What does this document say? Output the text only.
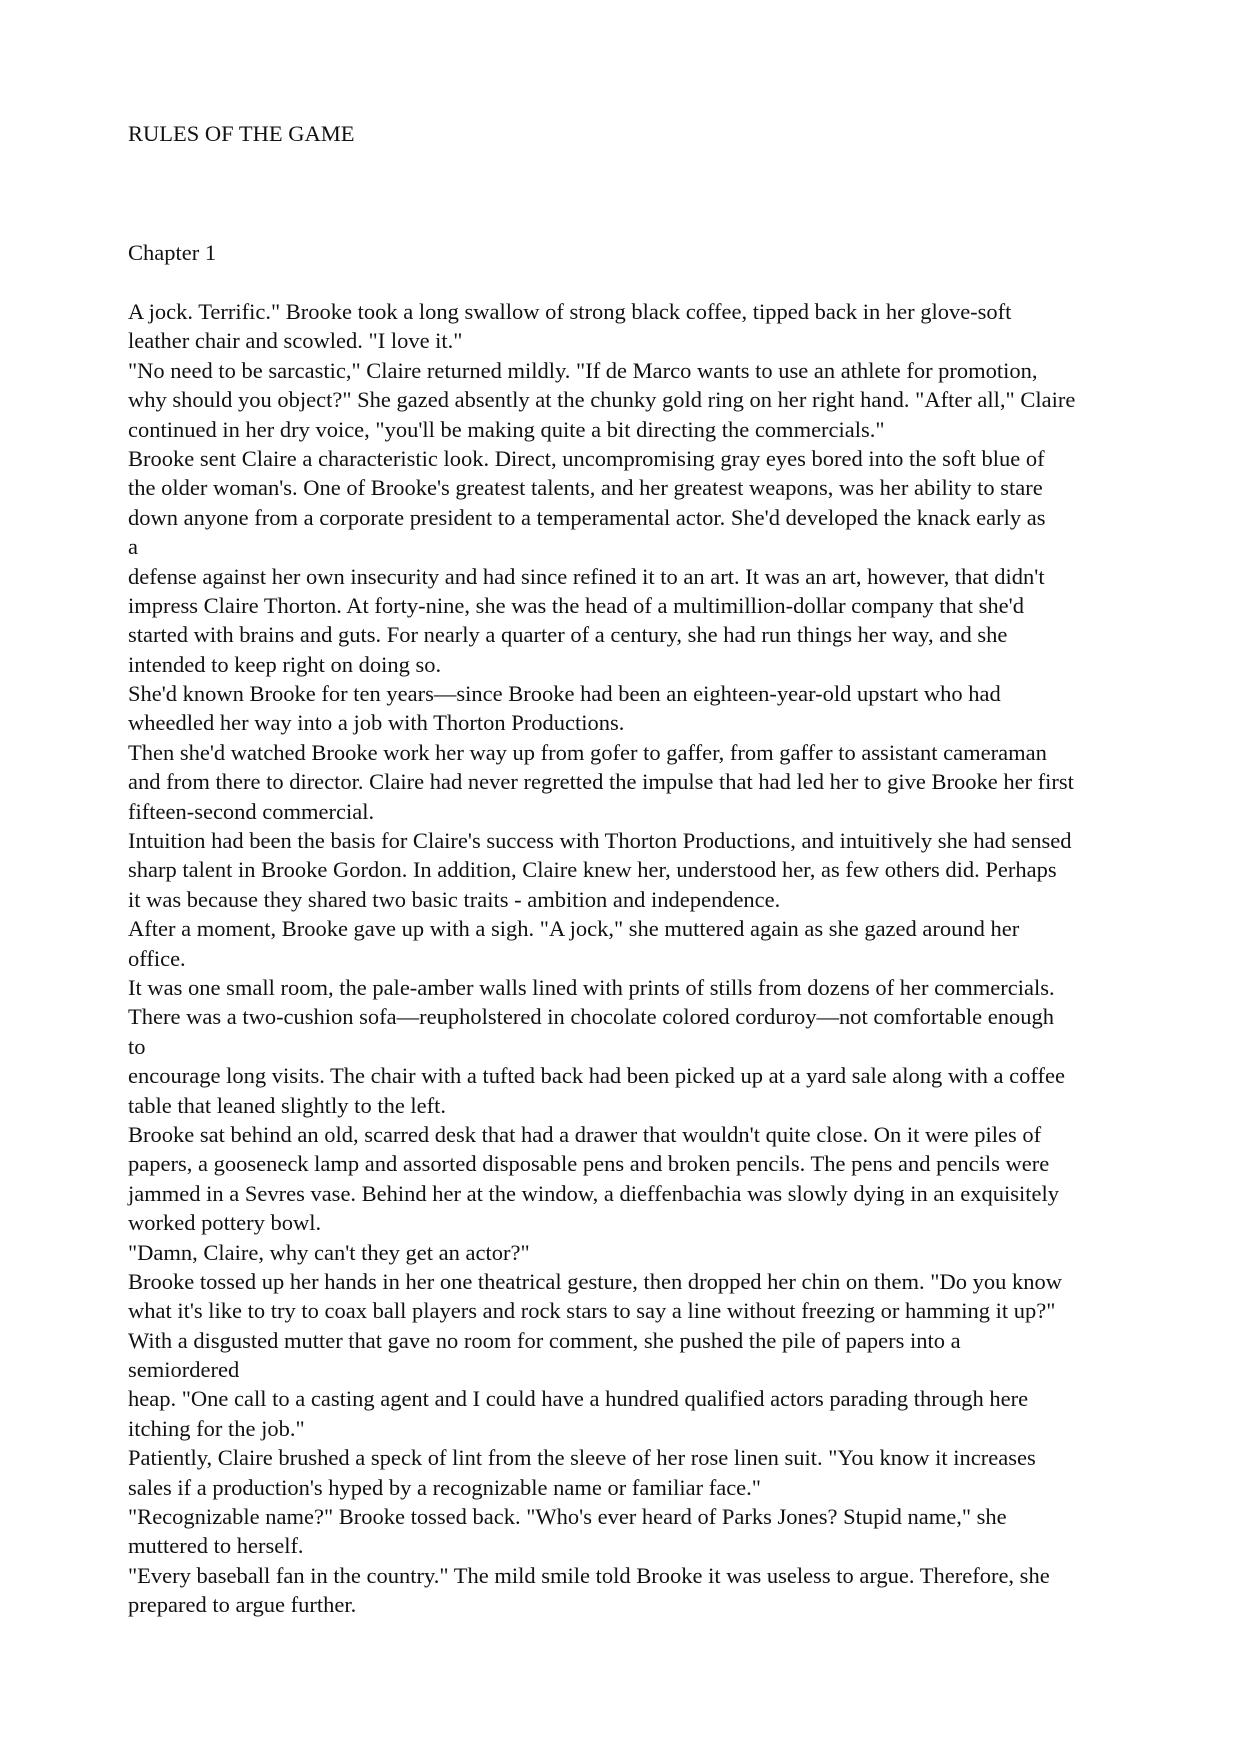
RULES OF THE GAME
Chapter 1
A jock. Terrific." Brooke took a long swallow of strong black coffee, tipped back in her glove-soft
leather chair and scowled. "I love it."
"No need to be sarcastic," Claire returned mildly. "If de Marco wants to use an athlete for promotion,
why should you object?" She gazed absently at the chunky gold ring on her right hand. "After all," Claire
continued in her dry voice, "you'll be making quite a bit directing the commercials."
Brooke sent Claire a characteristic look. Direct, uncompromising gray eyes bored into the soft blue of
the older woman's. One of Brooke's greatest talents, and her greatest weapons, was her ability to stare
down anyone from a corporate president to a temperamental actor. She'd developed the knack early as
a
defense against her own insecurity and had since refined it to an art. It was an art, however, that didn't
impress Claire Thorton. At forty-nine, she was the head of a multimillion-dollar company that she'd
started with brains and guts. For nearly a quarter of a century, she had run things her way, and she
intended to keep right on doing so.
She'd known Brooke for ten years—since Brooke had been an eighteen-year-old upstart who had
wheedled her way into a job with Thorton Productions.
Then she'd watched Brooke work her way up from gofer to gaffer, from gaffer to assistant cameraman
and from there to director. Claire had never regretted the impulse that had led her to give Brooke her first
fifteen-second commercial.
Intuition had been the basis for Claire's success with Thorton Productions, and intuitively she had sensed
sharp talent in Brooke Gordon. In addition, Claire knew her, understood her, as few others did. Perhaps
it was because they shared two basic traits - ambition and independence.
After a moment, Brooke gave up with a sigh. "A jock," she muttered again as she gazed around her
office.
It was one small room, the pale-amber walls lined with prints of stills from dozens of her commercials.
There was a two-cushion sofa—reupholstered in chocolate colored corduroy—not comfortable enough
to
encourage long visits. The chair with a tufted back had been picked up at a yard sale along with a coffee
table that leaned slightly to the left.
Brooke sat behind an old, scarred desk that had a drawer that wouldn't quite close. On it were piles of
papers, a gooseneck lamp and assorted disposable pens and broken pencils. The pens and pencils were
jammed in a Sevres vase. Behind her at the window, a dieffenbachia was slowly dying in an exquisitely
worked pottery bowl.
"Damn, Claire, why can't they get an actor?"
Brooke tossed up her hands in her one theatrical gesture, then dropped her chin on them. "Do you know
what it's like to try to coax ball players and rock stars to say a line without freezing or hamming it up?"
With a disgusted mutter that gave no room for comment, she pushed the pile of papers into a
semiordered
heap. "One call to a casting agent and I could have a hundred qualified actors parading through here
itching for the job."
Patiently, Claire brushed a speck of lint from the sleeve of her rose linen suit. "You know it increases
sales if a production's hyped by a recognizable name or familiar face."
"Recognizable name?" Brooke tossed back. "Who's ever heard of Parks Jones? Stupid name," she
muttered to herself.
"Every baseball fan in the country." The mild smile told Brooke it was useless to argue. Therefore, she
prepared to argue further.
